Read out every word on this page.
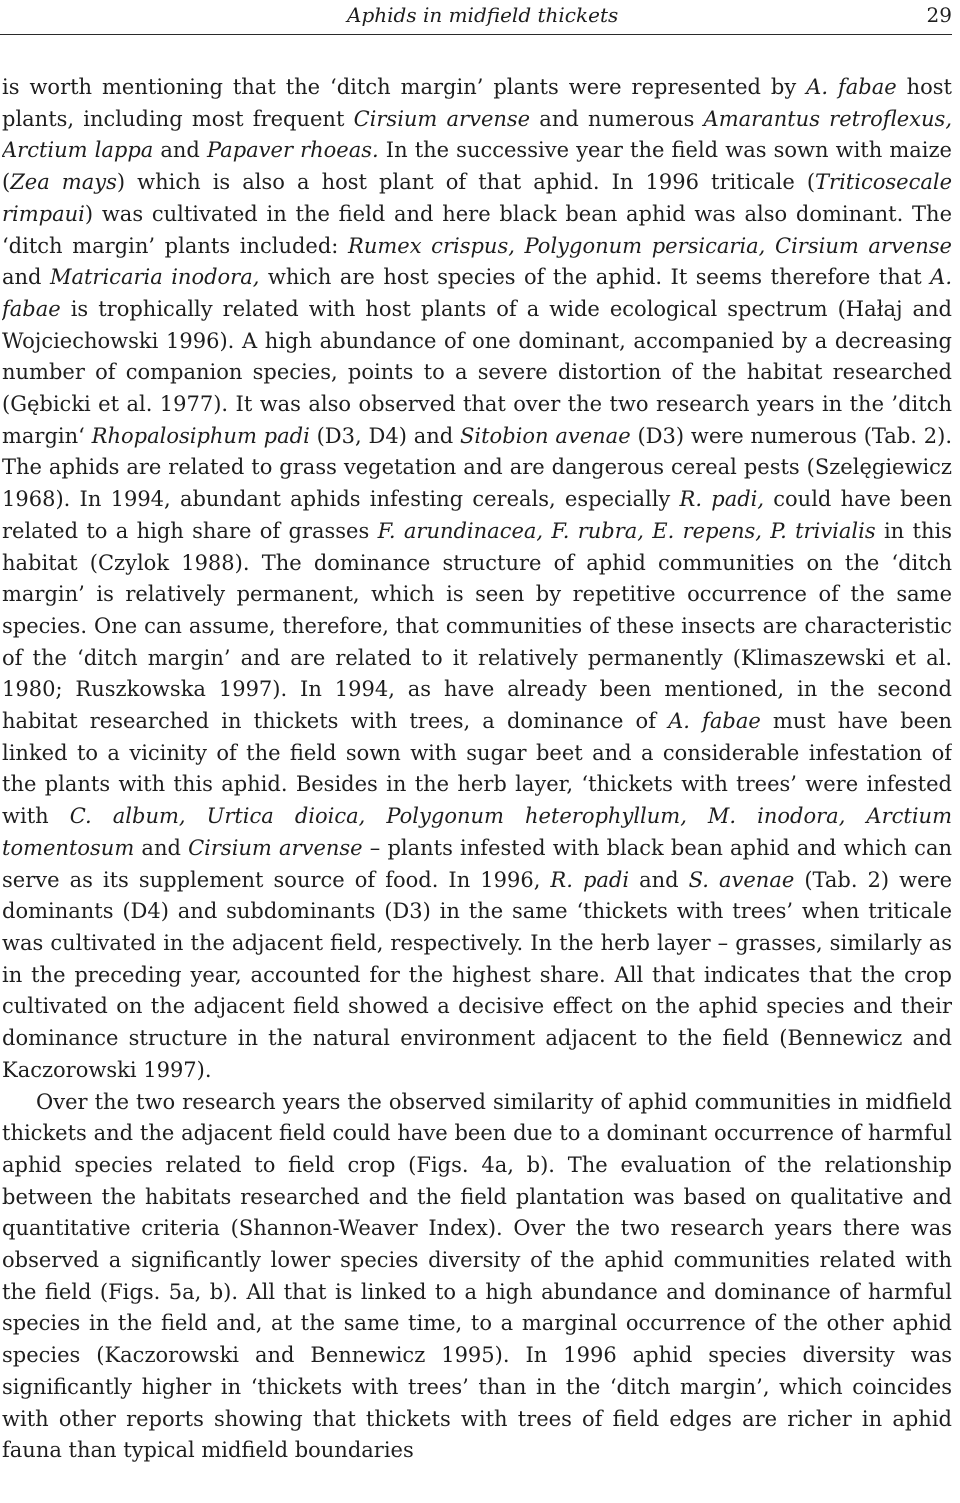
Aphids in midfield thickets	29

is worth mentioning that the ‘ditch margin’ plants were represented by A. fabae host plants, including most frequent Cirsium arvense and numerous Amarantus retroflexus, Arctium lappa and Papaver rhoeas. In the successive year the field was sown with maize (Zea mays) which is also a host plant of that aphid. In 1996 triticale (Triticosecale rimpaui) was cultivated in the field and here black bean aphid was also dominant. The ‘ditch margin’ plants included: Rumex crispus, Polygonum persicaria, Cirsium arvense and Matricaria inodora, which are host species of the aphid. It seems therefore that A. fabae is trophically related with host plants of a wide ecological spectrum (Hałaj and Wojciechowski 1996). A high abundance of one dominant, accompanied by a decreasing number of companion species, points to a severe distortion of the habitat researched (Gębicki et al. 1977). It was also observed that over the two research years in the ’ditch margin‘ Rhopalosiphum padi (D3, D4) and Sitobion avenae (D3) were numerous (Tab. 2). The aphids are related to grass vegetation and are dangerous cereal pests (Szelęgiewicz 1968). In 1994, abundant aphids infesting cereals, especially R. padi, could have been related to a high share of grasses F. arundinacea, F. rubra, E. repens, P. trivialis in this habitat (Czylok 1988). The dominance structure of aphid communities on the ‘ditch margin’ is relatively permanent, which is seen by repetitive occurrence of the same species. One can assume, therefore, that communities of these insects are characteristic of the ‘ditch margin’ and are related to it relatively permanently (Klimaszewski et al. 1980; Ruszkowska 1997). In 1994, as have already been mentioned, in the second habitat researched in thickets with trees, a dominance of A. fabae must have been linked to a vicinity of the field sown with sugar beet and a considerable infestation of the plants with this aphid. Besides in the herb layer, ‘thickets with trees’ were infested with C. album, Urtica dioica, Polygonum heterophyllum, M. inodora, Arctium tomentosum and Cirsium arvense – plants infested with black bean aphid and which can serve as its supplement source of food. In 1996, R. padi and S. avenae (Tab. 2) were dominants (D4) and subdominants (D3) in the same ‘thickets with trees’ when triticale was cultivated in the adjacent field, respectively. In the herb layer – grasses, similarly as in the preceding year, accounted for the highest share. All that indicates that the crop cultivated on the adjacent field showed a decisive effect on the aphid species and their dominance structure in the natural environment adjacent to the field (Bennewicz and Kaczorowski 1997).

Over the two research years the observed similarity of aphid communities in midfield thickets and the adjacent field could have been due to a dominant occurrence of harmful aphid species related to field crop (Figs. 4a, b). The evaluation of the relationship between the habitats researched and the field plantation was based on qualitative and quantitative criteria (Shannon-Weaver Index). Over the two research years there was observed a significantly lower species diversity of the aphid communities related with the field (Figs. 5a, b). All that is linked to a high abundance and dominance of harmful species in the field and, at the same time, to a marginal occurrence of the other aphid species (Kaczorowski and Bennewicz 1995). In 1996 aphid species diversity was significantly higher in ‘thickets with trees’ than in the ‘ditch margin’, which coincides with other reports showing that thickets with trees of field edges are richer in aphid fauna than typical midfield boundaries
